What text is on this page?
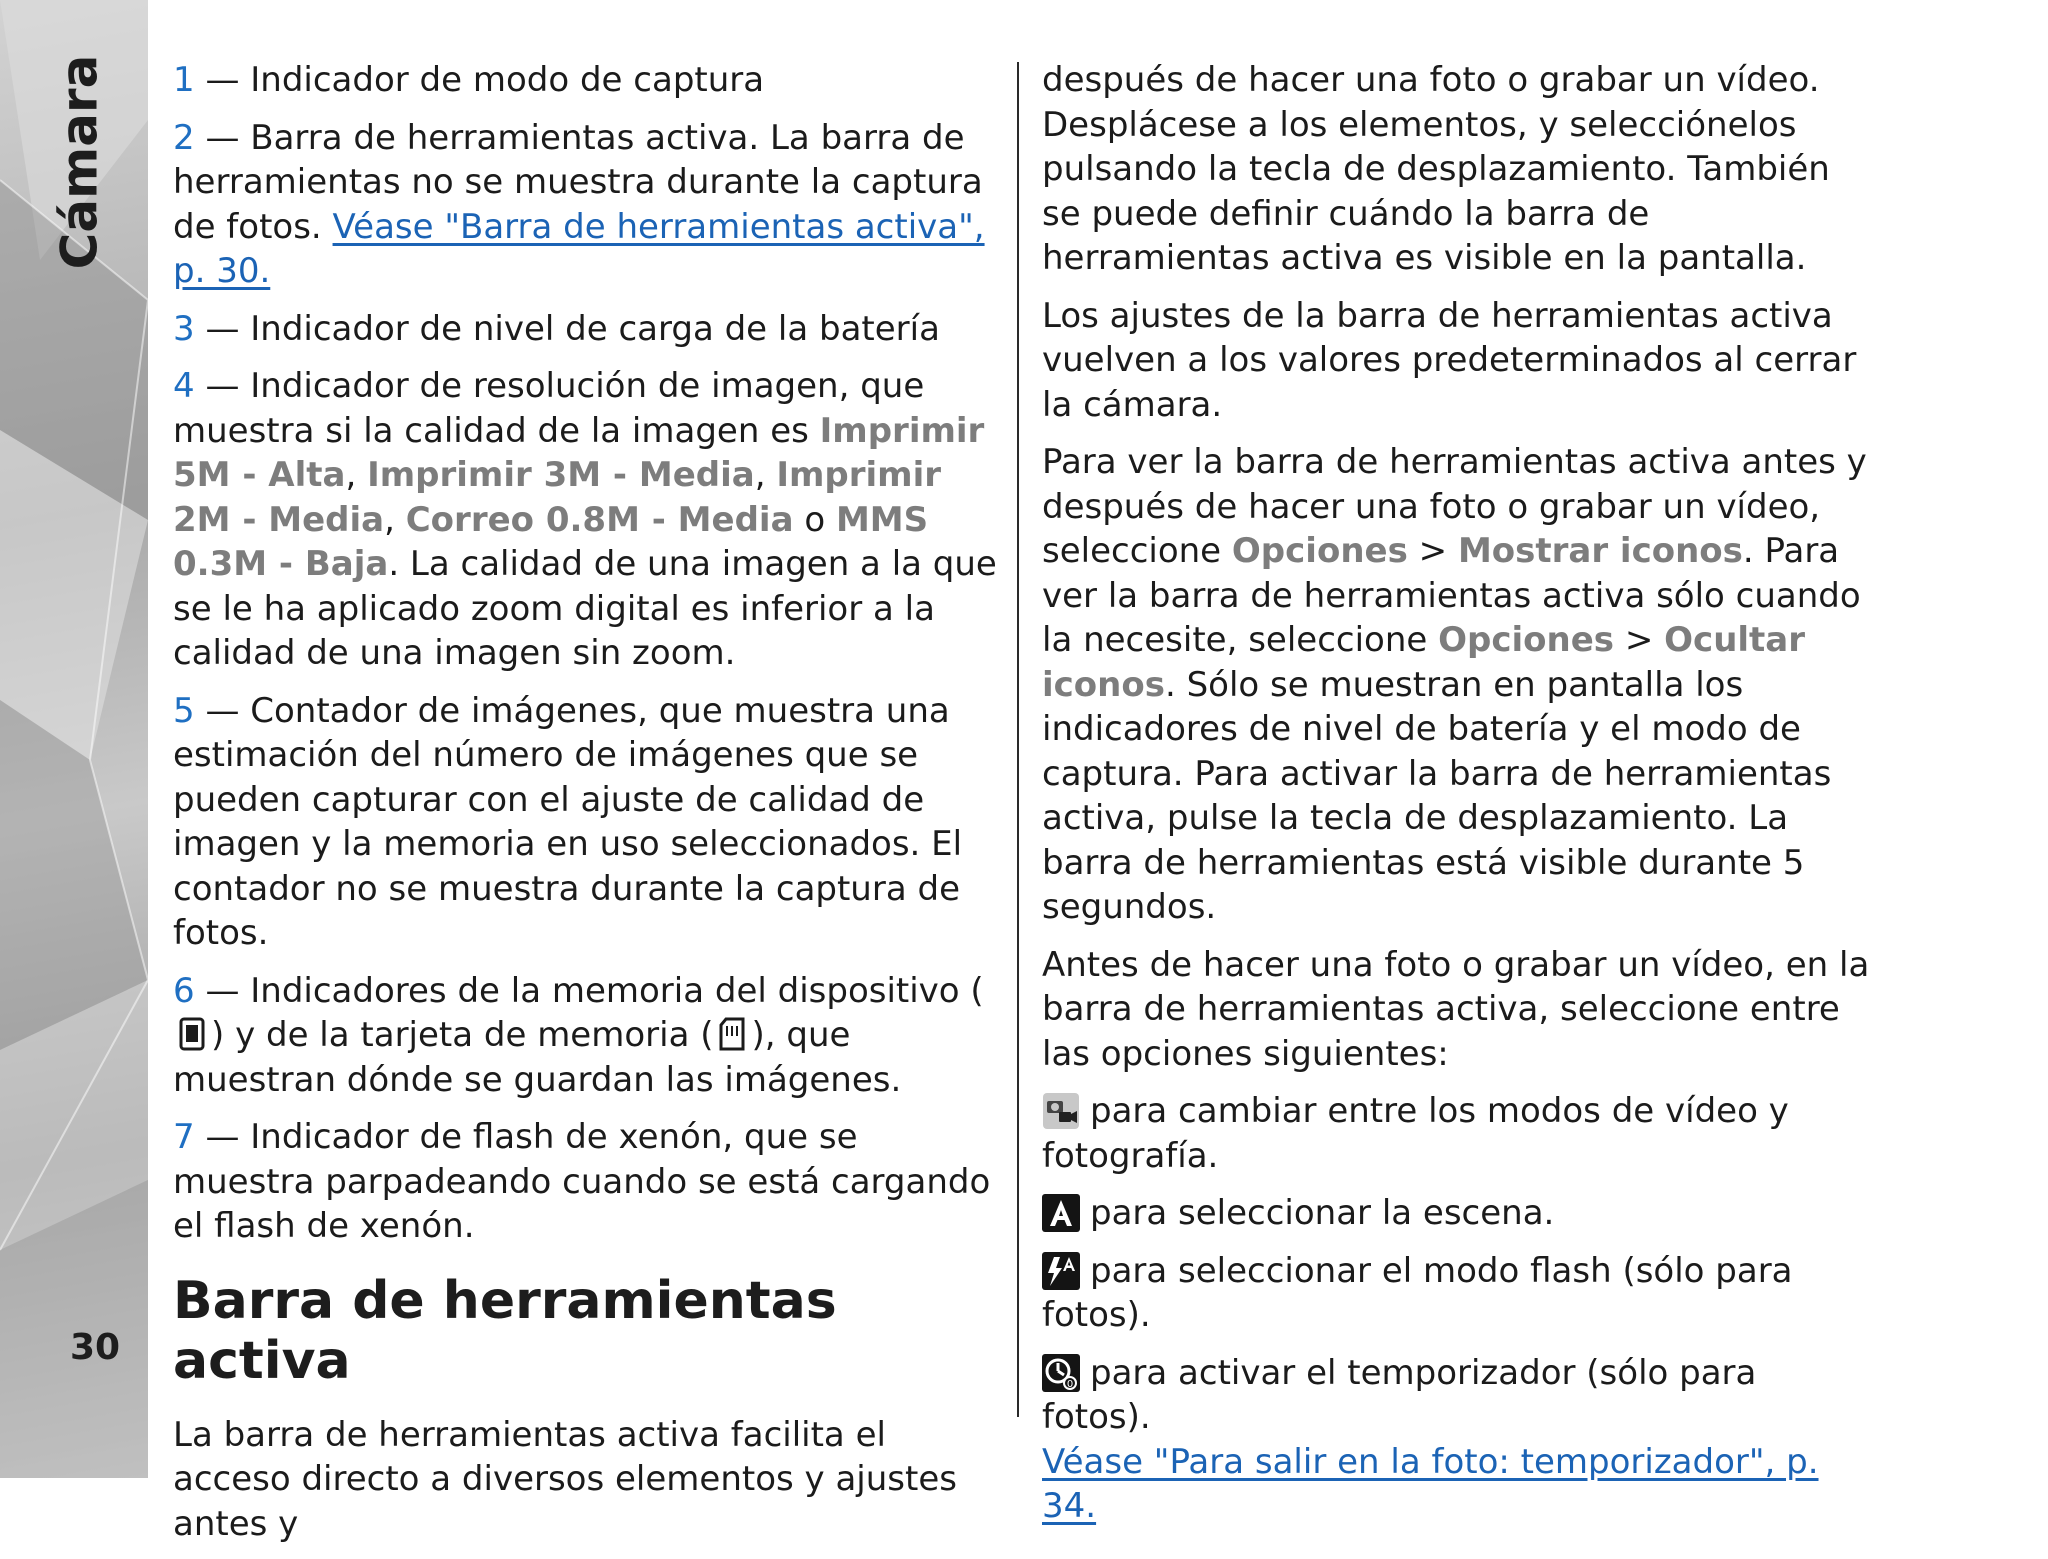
Cámara
30

1 — Indicador de modo de captura

2 — Barra de herramientas activa. La barra de herramientas no se muestra durante la captura de fotos. Véase "Barra de herramientas activa", p. 30.

3 — Indicador de nivel de carga de la batería

4 — Indicador de resolución de imagen, que muestra si la calidad de la imagen es Imprimir 5M - Alta, Imprimir 3M - Media, Imprimir 2M - Media, Correo 0.8M - Media o MMS 0.3M - Baja. La calidad de una imagen a la que se le ha aplicado zoom digital es inferior a la calidad de una imagen sin zoom.

5 — Contador de imágenes, que muestra una estimación del número de imágenes que se pueden capturar con el ajuste de calidad de imagen y la memoria en uso seleccionados. El contador no se muestra durante la captura de fotos.

6 — Indicadores de la memoria del dispositivo () y de la tarjeta de memoria ( ), que muestran dónde se guardan las imágenes.

7 — Indicador de flash de xenón, que se muestra parpadeando cuando se está cargando el flash de xenón.

Barra de herramientas activa

La barra de herramientas activa facilita el acceso directo a diversos elementos y ajustes antes y

después de hacer una foto o grabar un vídeo. Desplácese a los elementos, y selecciónelos pulsando la tecla de desplazamiento. También se puede definir cuándo la barra de herramientas activa es visible en la pantalla.

Los ajustes de la barra de herramientas activa vuelven a los valores predeterminados al cerrar la cámara.

Para ver la barra de herramientas activa antes y después de hacer una foto o grabar un vídeo, seleccione Opciones > Mostrar iconos. Para ver la barra de herramientas activa sólo cuando la necesite, seleccione Opciones > Ocultar iconos. Sólo se muestran en pantalla los indicadores de nivel de batería y el modo de captura. Para activar la barra de herramientas activa, pulse la tecla de desplazamiento. La barra de herramientas está visible durante 5 segundos.

Antes de hacer una foto o grabar un vídeo, en la barra de herramientas activa, seleccione entre las opciones siguientes:

para cambiar entre los modos de vídeo y fotografía.

para seleccionar la escena.

para seleccionar el modo flash (sólo para fotos).

0 para activar el temporizador (sólo para fotos).
Véase "Para salir en la foto: temporizador", p. 34.
